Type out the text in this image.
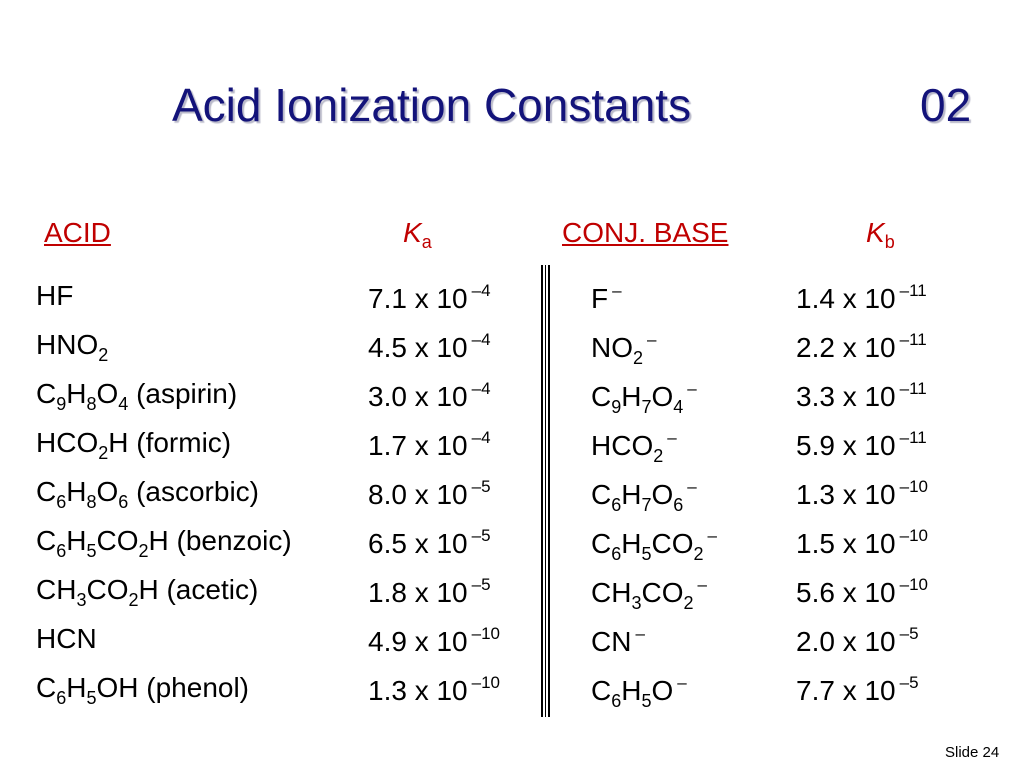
Acid Ionization Constants	02
ACID	$K_a$	CONJ. BASE	$K_b$
HF	7.1 x 10 $^{-4}$	F –	1.4 x 10 $^{-11}$
$HNO_2$	4.5 x 10 $^{-4}$	$NO_2^-$	2.2 x 10 $^{-11}$
$C_9H_8O_4$ (aspirin)	3.0 x 10 $^{-4}$	$C_9H_7O_4^-$	3.3 x 10 $^{-11}$
$HCO_2H$ (formic)	1.7 x 10 $^{-4}$	$HCO_2^-$	5.9 x 10 $^{-11}$
$C_6H_8O_6$ (ascorbic)	8.0 x 10 $^{-5}$	$C_6H_7O_6^-$	1.3 x 10 $^{-10}$
$C_6H_5CO_2H$ (benzoic)	6.5 x 10 $^{-5}$	$C_6H_5CO_2^-$	1.5 x 10 $^{-10}$
$CH_3CO_2H$ (acetic)	1.8 x 10 $^{-5}$	$CH_3CO_2^-$	5.6 x 10 $^{-10}$
HCN	4.9 x 10 $^{-10}$	CN –	2.0 x 10 $^{-5}$
$C_6H_5OH$ (phenol)	1.3 x 10 $^{-10}$	$C_6H_5O$ –	7.7 x 10 $^{-5}$
Slide 24
